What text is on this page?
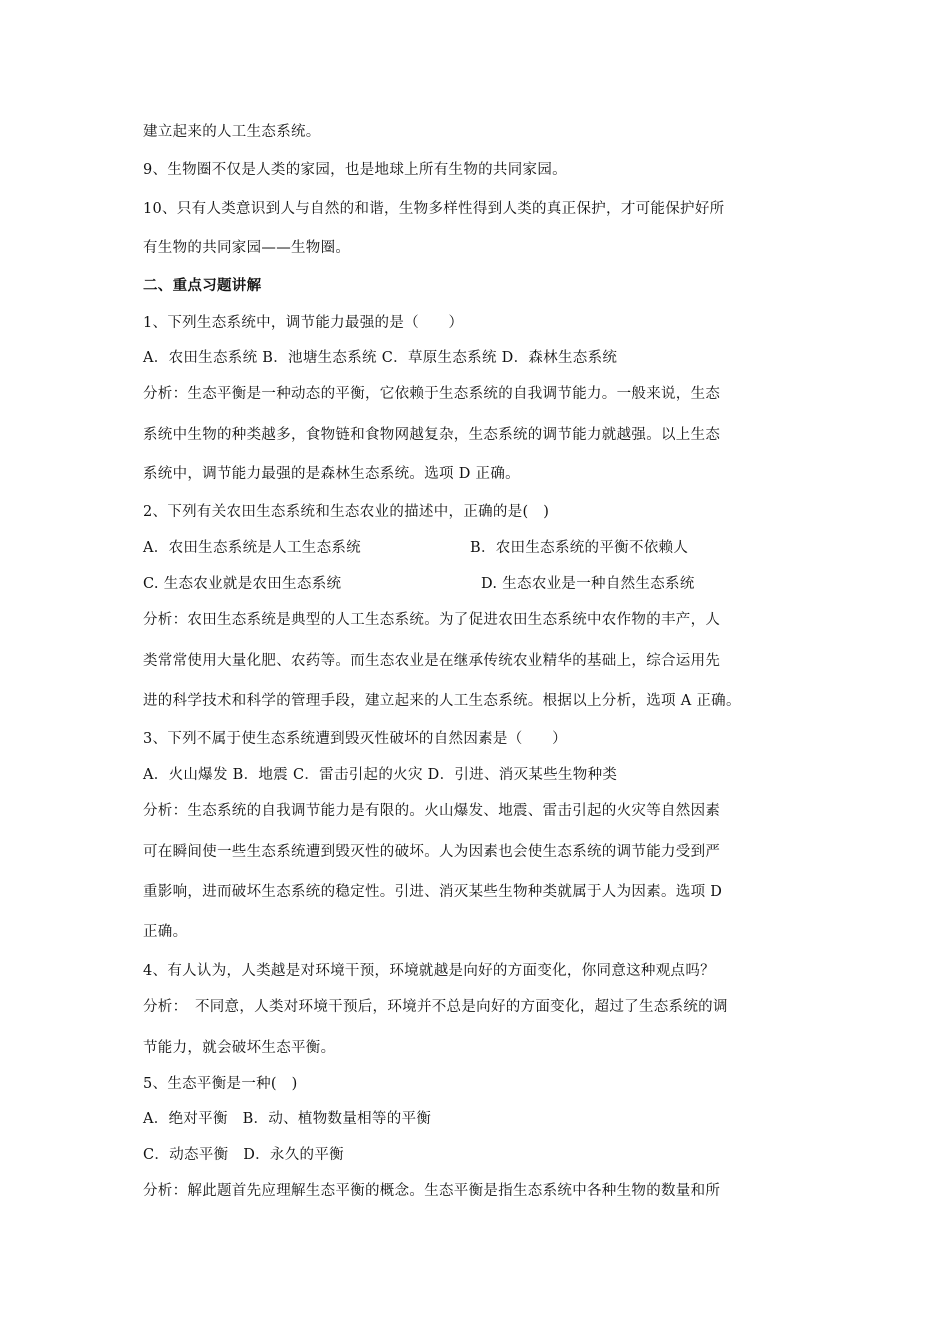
建立起来的人工生态系统。
9、生物圈不仅是人类的家园，也是地球上所有生物的共同家园。
10、只有人类意识到人与自然的和谐，生物多样性得到人类的真正保护，才可能保护好所
有生物的共同家园——生物圈。
二、重点习题讲解
1、下列生态系统中，调节能力最强的是（　　）
A．农田生态系统 B．池塘生态系统 C．草原生态系统 D．森林生态系统
分析：生态平衡是一种动态的平衡，它依赖于生态系统的自我调节能力。一般来说，生态
系统中生物的种类越多，食物链和食物网越复杂，生态系统的调节能力就越强。以上生态
系统中，调节能力最强的是森林生态系统。选项 D 正确。
2、下列有关农田生态系统和生态农业的描述中，正确的是(　)
A．农田生态系统是人工生态系统	B．农田生态系统的平衡不依赖人
C. 生态农业就是农田生态系统	D. 生态农业是一种自然生态系统
分析：农田生态系统是典型的人工生态系统。为了促进农田生态系统中农作物的丰产，人
类常常使用大量化肥、农药等。而生态农业是在继承传统农业精华的基础上，综合运用先
进的科学技术和科学的管理手段，建立起来的人工生态系统。根据以上分析，选项 A 正确。
3、下列不属于使生态系统遭到毁灭性破坏的自然因素是（　　）
A．火山爆发 B．地震 C．雷击引起的火灾 D．引进、消灭某些生物种类
分析：生态系统的自我调节能力是有限的。火山爆发、地震、雷击引起的火灾等自然因素
可在瞬间使一些生态系统遭到毁灭性的破坏。人为因素也会使生态系统的调节能力受到严
重影响，进而破坏生态系统的稳定性。引进、消灭某些生物种类就属于人为因素。选项 D
正确。
4、有人认为，人类越是对环境干预，环境就越是向好的方面变化，你同意这种观点吗？
分析：　不同意，人类对环境干预后，环境并不总是向好的方面变化，超过了生态系统的调
节能力，就会破坏生态平衡。
5、生态平衡是一种(　)
A．绝对平衡　B．动、植物数量相等的平衡
C．动态平衡　D．永久的平衡
分析：解此题首先应理解生态平衡的概念。生态平衡是指生态系统中各种生物的数量和所
